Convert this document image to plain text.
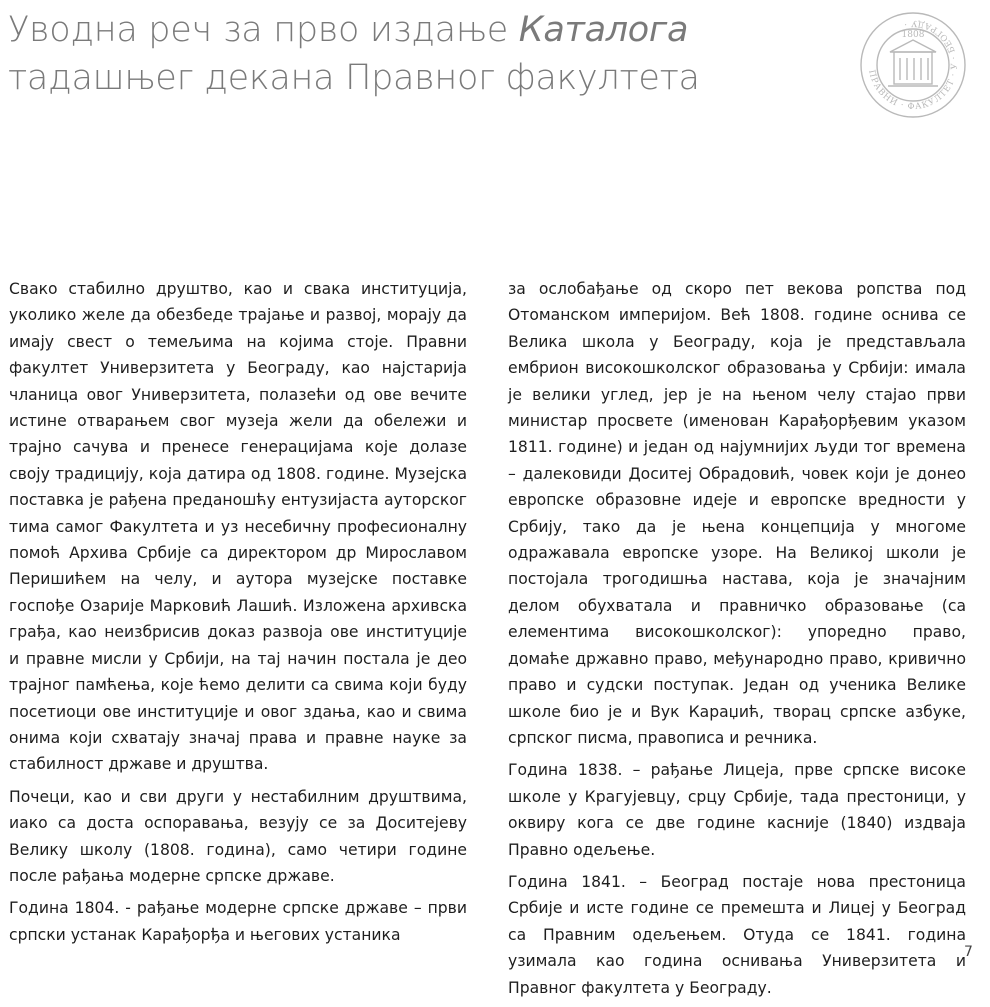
Уводна реч за прво издање Каталога
тадашњег декана Правног факултета
1808
ПРАВНИ · ФАКУЛТЕТ · У · БЕОГРАДУ ·

Свако стабилно друштво, као и свака институција, уколико желе да обезбеде трајање и развој, морају да имају свест о темељима на којима стоје. Правни факултет Универзитета у Београду, као најстарија чланица овог Универзитета, полазећи од ове вечите истине отварањем свог музеја жели да обележи и трајно сачува и пренесе генерацијама које долазе своју традицију, која датира од 1808. године. Музејска поставка је рађена преданошћу ентузијаста ауторског тима самог Факултета и уз несебичну професионалну помоћ Архива Србије са директором др Мирославом Перишићем на челу, и аутора музејске поставке госпође Озарије Марковић Лашић. Изложена архивска грађа, као неизбрисив доказ развоја ове институције и правне мисли у Србији, на тај начин постала је део трајног памћења, које ћемо делити са свима који буду посетиоци ове институције и овог здања, као и свима онима који схватају значај права и правне науке за стабилност државе и друштва.

Почеци, као и сви други у нестабилним друштвима, иако са доста оспоравања, везују се за Доситејеву Велику школу (1808. година), само четири године после рађања модерне српске државе.

Година 1804. - рађање модерне српске државе – први српски устанак Карађорђа и његових устаника

за ослобађање од скоро пет векова ропства под Отоманском империјом. Већ 1808. године оснива се Велика школа у Београду, која је представљала ембрион високошколског образовања у Србији: имала је велики углед, јер је на њеном челу стајао први министар просвете (именован Карађорђевим указом 1811. године) и један од најумнијих људи тог времена – далековиди Доситеј Обрадовић, човек који је донео европске образовне идеје и европске вредности у Србију, тако да је њена концепција у многоме одражавала европске узоре. На Великој школи је постојала трогодишња настава, која је значајним делом обухватала и правничко образовање (са елементима високошколског): упоредно право, домаће државно право, међународно право, кривично право и судски поступак. Један од ученика Велике школе био је и Вук Караџић, творац српске азбуке, српског писма, правописа и речника.

Година 1838. – рађање Лицеја, прве српске високе школе у Крагујевцу, срцу Србије, тада престоници, у оквиру кога се две године касније (1840) издваја Правно одељење.

Година 1841. – Београд постаје нова престоница Србије и исте године се премешта и Лицеј у Београд са Правним одељењем. Отуда се 1841. година узимала као година оснивања Универзитета и Правног факултета у Београду.

7
